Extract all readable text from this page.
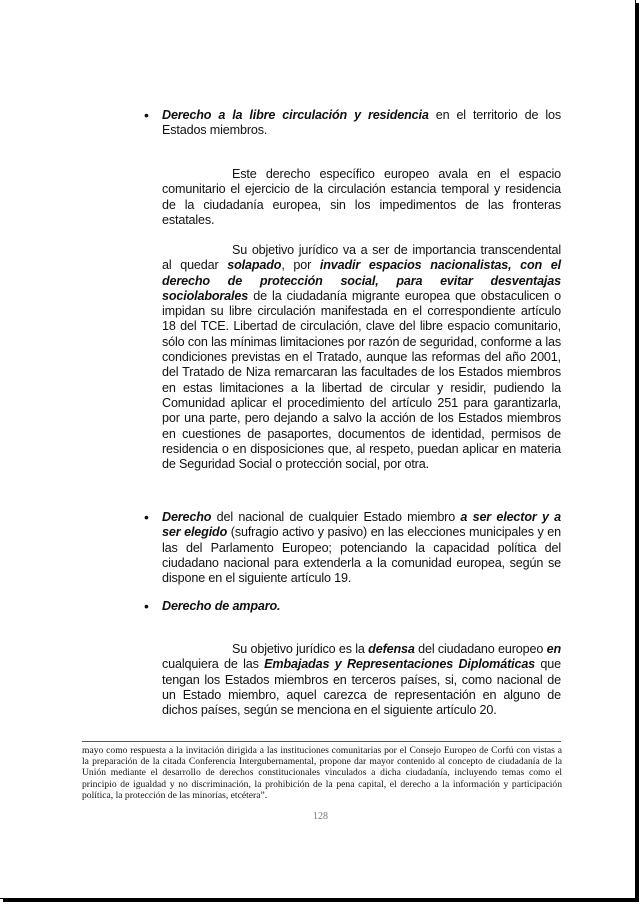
• Derecho a la libre circulación y residencia en el territorio de los Estados miembros.
Este derecho específico europeo avala en el espacio comunitario el ejercicio de la circulación estancia temporal y residencia de la ciudadanía europea, sin los impedimentos de las fronteras estatales.
Su objetivo jurídico va a ser de importancia transcendental al quedar solapado, por invadir espacios nacionalistas, con el derecho de protección social, para evitar desventajas sociolaborales de la ciudadanía migrante europea que obstaculicen o impidan su libre circulación manifestada en el correspondiente artículo 18 del TCE. Libertad de circulación, clave del libre espacio comunitario, sólo con las mínimas limitaciones por razón de seguridad, conforme a las condiciones previstas en el Tratado, aunque las reformas del año 2001, del Tratado de Niza remarcaran las facultades de los Estados miembros en estas limitaciones a la libertad de circular y residir, pudiendo la Comunidad aplicar el procedimiento del artículo 251 para garantizarla, por una parte, pero dejando a salvo la acción de los Estados miembros en cuestiones de pasaportes, documentos de identidad, permisos de residencia o en disposiciones que, al respeto, puedan aplicar en materia de Seguridad Social o protección social, por otra.
• Derecho del nacional de cualquier Estado miembro a ser elector y a ser elegido (sufragio activo y pasivo) en las elecciones municipales y en las del Parlamento Europeo; potenciando la capacidad política del ciudadano nacional para extenderla a la comunidad europea, según se dispone en el siguiente artículo 19.
• Derecho de amparo.
Su objetivo jurídico es la defensa del ciudadano europeo en cualquiera de las Embajadas y Representaciones Diplomáticas que tengan los Estados miembros en terceros países, si, como nacional de un Estado miembro, aquel carezca de representación en alguno de dichos países, según se menciona en el siguiente artículo 20.
mayo como respuesta a la invitación dirigida a las instituciones comunitarias por el Consejo Europeo de Corfú con vistas a la preparación de la citada Conferencia Intergubernamental, propone dar mayor contenido al concepto de ciudadanía de la Unión mediante el desarrollo de derechos constitucionales vinculados a dicha ciudadanía, incluyendo temas como el principio de igualdad y no discriminación, la prohibición de la pena capital, el derecho a la información y participación política, la protección de las minorías, etcétera”.
128
